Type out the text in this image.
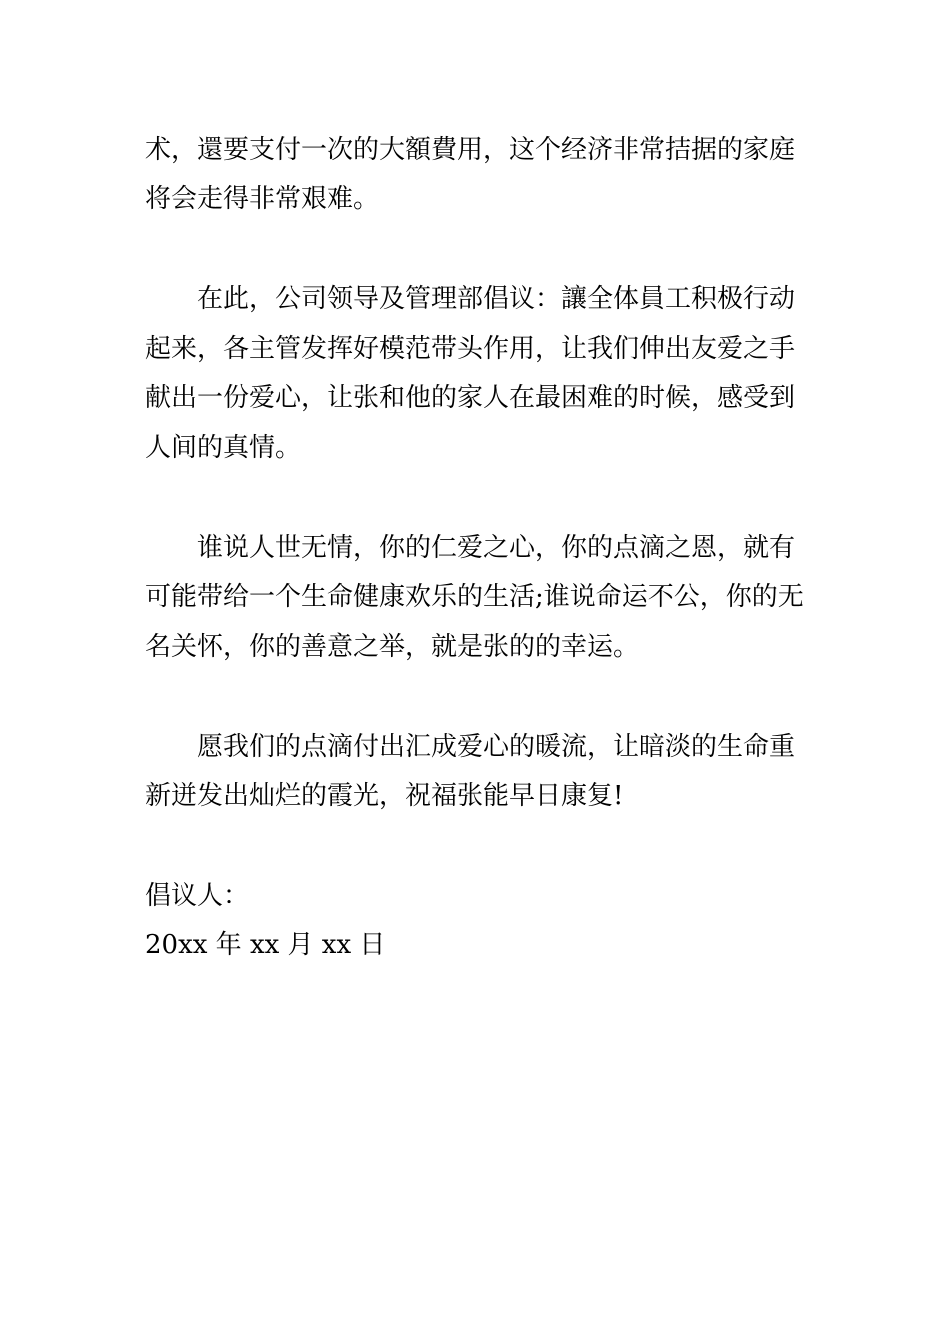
术，還要支付一次的大額費用，这个经济非常拮据的家庭
将会走得非常艰难。
在此，公司领导及管理部倡议：讓全体員工积极行动
起来，各主管发挥好模范带头作用，让我们伸出友爱之手
献出一份爱心，让张和他的家人在最困难的时候，感受到
人间的真情。
谁说人世无情，你的仁爱之心，你的点滴之恩，就有
可能带给一个生命健康欢乐的生活;谁说命运不公，你的无
名关怀，你的善意之举，就是张的的幸运。
愿我们的点滴付出汇成爱心的暖流，让暗淡的生命重
新迸发出灿烂的霞光，祝福张能早日康复!
倡议人：
20xx 年 xx 月 xx 日
